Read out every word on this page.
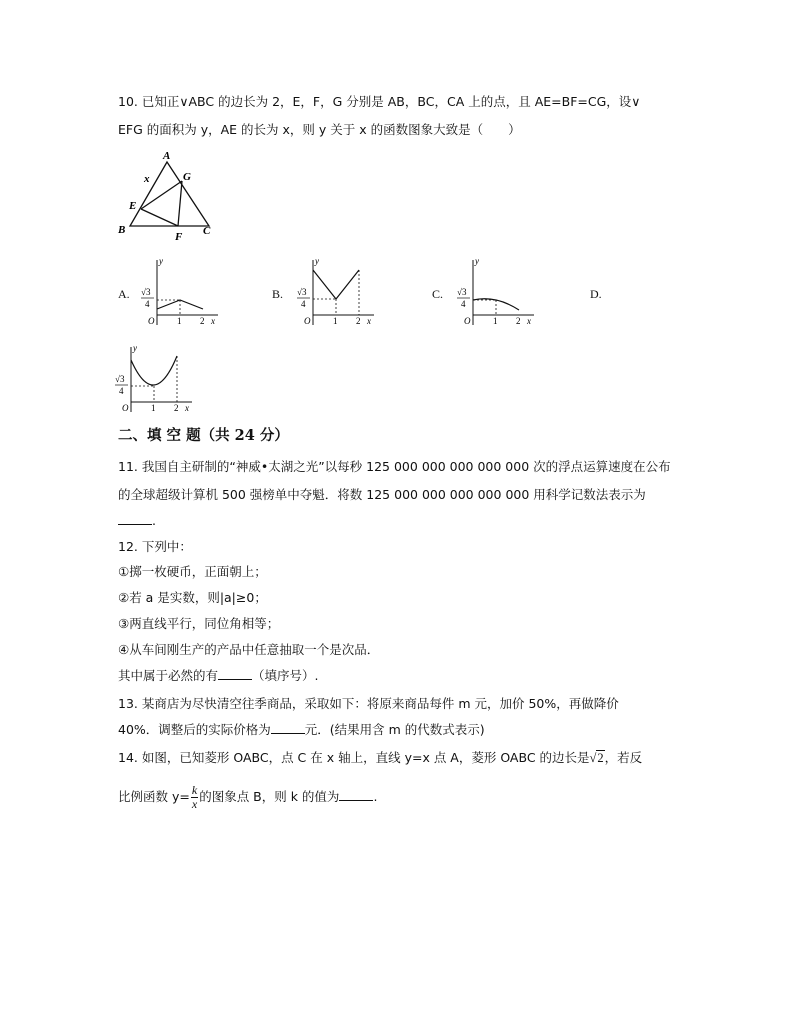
10. 已知正∨ABC 的边长为 2，E，F，G 分别是 AB，BC，CA 上的点，且 AE=BF=CG，设∨
EFG 的面积为 y，AE 的长为 x，则 y 关于 x 的函数图象大致是（　　）
A
x	G
E
B
F C
A.	B.	C.	D.
y
√3
4
O	1 2 x
y
√3
4
O	1 2 x
y
√3
4
O	1 2 x
y
√3
4
O	1 2 x
二、填 空 题（共 24 分）
11. 我国自主研制的“神威•太湖之光”以每秒 125 000 000 000 000 000 次的浮点运算速度在公布
的全球超级计算机 500 强榜单中夺魁．将数 125 000 000 000 000 000 用科学记数法表示为
.
12. 下列中：
①掷一枚硬币，正面朝上；
②若 a 是实数，则|a|≥0；
③两直线平行，同位角相等；
④从车间刚生产的产品中任意抽取一个是次品．
其中属于必然的有	（填序号）.
13. 某商店为尽快清空往季商品，采取如下：将原来商品每件 m 元，加价 50%，再做降价
40%．调整后的实际价格为	元．(结果用含 m 的代数式表示)
14. 如图，已知菱形 OABC，点 C 在 x 轴上，直线 y=x 点 A，菱形 OABC 的边长是√2，若反
比例函数 $y= \frac{k}{x}$ 的图象点 B，则 k 的值为	.
